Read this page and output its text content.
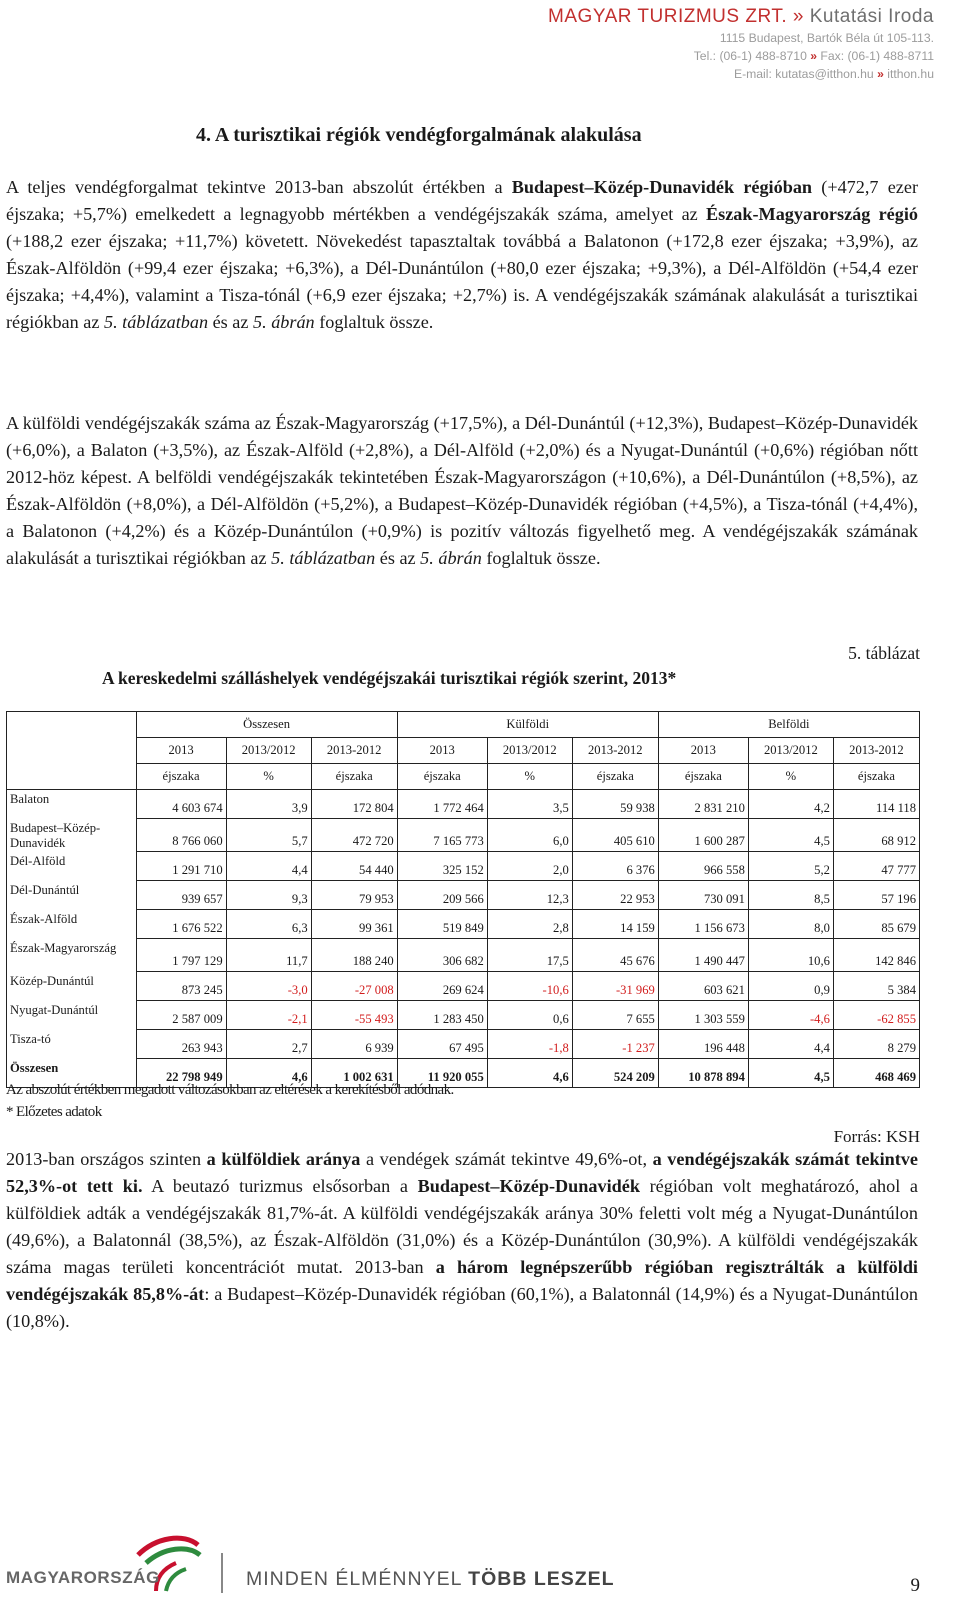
MAGYAR TURIZMUS ZRT. » Kutatási Iroda
1115 Budapest, Bartók Béla út 105-113.
Tel.: (06-1) 488-8710 » Fax: (06-1) 488-8711
E-mail: kutatas@itthon.hu » itthon.hu
4. A turisztikai régiók vendégforgalmának alakulása
A teljes vendégforgalmat tekintve 2013-ban abszolút értékben a Budapest–Közép-Dunavidék régióban (+472,7 ezer éjszaka; +5,7%) emelkedett a legnagyobb mértékben a vendégéjszakák száma, amelyet az Észak-Magyarország régió (+188,2 ezer éjszaka; +11,7%) követett. Növekedést tapasztaltak továbbá a Balatonon (+172,8 ezer éjszaka; +3,9%), az Észak-Alföldön (+99,4 ezer éjszaka; +6,3%), a Dél-Dunántúlon (+80,0 ezer éjszaka; +9,3%), a Dél-Alföldön (+54,4 ezer éjszaka; +4,4%), valamint a Tisza-tónál (+6,9 ezer éjszaka; +2,7%) is. A vendégéjszakák számának alakulását a turisztikai régiókban az 5. táblázatban és az 5. ábrán foglaltuk össze.
A külföldi vendégéjszakák száma az Észak-Magyarország (+17,5%), a Dél-Dunántúl (+12,3%), Budapest–Közép-Dunavidék (+6,0%), a Balaton (+3,5%), az Észak-Alföld (+2,8%), a Dél-Alföld (+2,0%) és a Nyugat-Dunántúl (+0,6%) régióban nőtt 2012-höz képest. A belföldi vendégéjszakák tekintetében Észak-Magyarországon (+10,6%), a Dél-Dunántúlon (+8,5%), az Észak-Alföldön (+8,0%), a Dél-Alföldön (+5,2%), a Budapest–Közép-Dunavidék régióban (+4,5%), a Tisza-tónál (+4,4%), a Balatonon (+4,2%) és a Közép-Dunántúlon (+0,9%) is pozitív változás figyelhető meg. A vendégéjszakák számának alakulását a turisztikai régiókban az 5. táblázatban és az 5. ábrán foglaltuk össze.
5. táblázat
A kereskedelmi szálláshelyek vendégéjszakái turisztikai régiók szerint, 2013*
	Összesen			Külföldi			Belföldi		
	2013	2013/2012	2013-2012	2013	2013/2012	2013-2012	2013	2013/2012	2013-2012
	éjszaka	%	éjszaka	éjszaka	%	éjszaka	éjszaka	%	éjszaka
Balaton	4 603 674	3,9	172 804	1 772 464	3,5	59 938	2 831 210	4,2	114 118
Budapest–Közép-Dunavidék	8 766 060	5,7	472 720	7 165 773	6,0	405 610	1 600 287	4,5	68 912
Dél-Alföld	1 291 710	4,4	54 440	325 152	2,0	6 376	966 558	5,2	47 777
Dél-Dunántúl	939 657	9,3	79 953	209 566	12,3	22 953	730 091	8,5	57 196
Észak-Alföld	1 676 522	6,3	99 361	519 849	2,8	14 159	1 156 673	8,0	85 679
Észak-Magyarország	1 797 129	11,7	188 240	306 682	17,5	45 676	1 490 447	10,6	142 846
Közép-Dunántúl	873 245	-3,0	-27 008	269 624	-10,6	-31 969	603 621	0,9	5 384
Nyugat-Dunántúl	2 587 009	-2,1	-55 493	1 283 450	0,6	7 655	1 303 559	-4,6	-62 855
Tisza-tó	263 943	2,7	6 939	67 495	-1,8	-1 237	196 448	4,4	8 279
Összesen	22 798 949	4,6	1 002 631	11 920 055	4,6	524 209	10 878 894	4,5	468 469
Az abszolút értékben megadott változásokban az eltérések a kerekítésből adódnak.
* Előzetes adatok
Forrás: KSH
2013-ban országos szinten a külföldiek aránya a vendégek számát tekintve 49,6%-ot, a vendégéjszakák számát tekintve 52,3%-ot tett ki. A beutazó turizmus elsősorban a Budapest–Közép-Dunavidék régióban volt meghatározó, ahol a külföldiek adták a vendégéjszakák 81,7%-át. A külföldi vendégéjszakák aránya 30% feletti volt még a Nyugat-Dunántúlon (49,6%), a Balatonnál (38,5%), az Észak-Alföldön (31,0%) és a Közép-Dunántúlon (30,9%). A külföldi vendégéjszakák száma magas területi koncentrációt mutat. 2013-ban a három legnépszerűbb régióban regisztrálták a külföldi vendégéjszakák 85,8%-át: a Budapest–Közép-Dunavidék régióban (60,1%), a Balatonnál (14,9%) és a Nyugat-Dunántúlon (10,8%).
MAGYARORSZÁG	MINDEN ÉLMÉNNYEL TÖBB LESZEL	9
